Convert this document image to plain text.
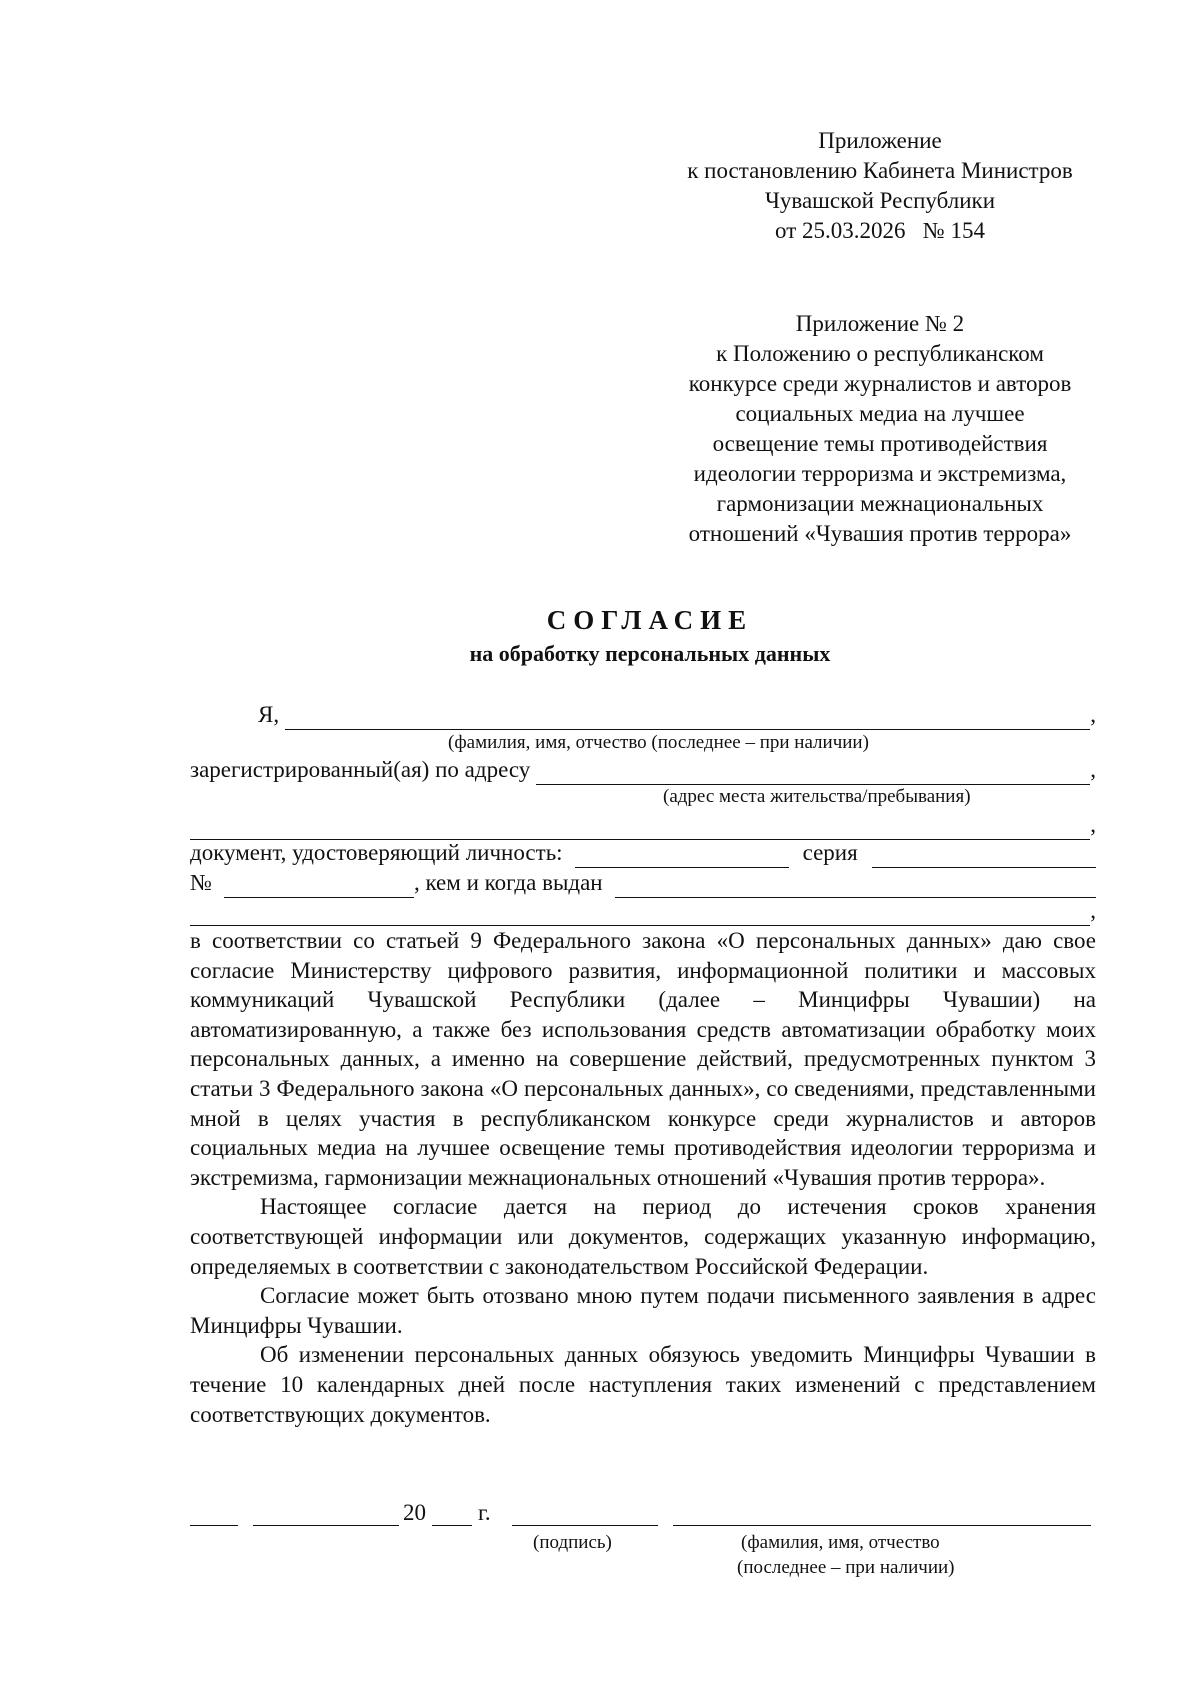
Приложение
к постановлению Кабинета Министров
Чувашской Республики
от 25.03.2026   № 154
Приложение № 2
к Положению о республиканском
конкурсе среди журналистов и авторов
социальных медиа на лучшее
освещение темы противодействия
идеологии терроризма и экстремизма,
гармонизации межнациональных
отношений «Чувашия против террора»
СОГЛАСИЕ
на обработку персональных данных
Я,	,
(фамилия, имя, отчество (последнее – при наличии)
зарегистрированный(ая) по адресу	,
(адрес места жительства/пребывания)
,
документ, удостоверяющий личность:	серия
№	, кем и когда выдан
,

в соответствии со статьей 9 Федерального закона «О персональных данных» даю свое согласие Министерству цифрового развития, информационной политики и массовых коммуникаций Чувашской Республики (далее – Минцифры Чувашии) на автоматизированную, а также без использования средств автоматизации обработку моих персональных данных, а именно на совершение действий, предусмотренных пунктом 3 статьи 3 Федерального закона «О персональных данных», со сведениями, представленными мной в целях участия в республиканском конкурсе среди журналистов и авторов социальных медиа на лучшее освещение темы противодействия идеологии терроризма и экстремизма, гармонизации межнациональных отношений «Чувашия против террора».

Настоящее согласие дается на период до истечения сроков хранения соответствующей информации или документов, содержащих указанную информацию, определяемых в соответствии с законодательством Российской Федерации.

Согласие может быть отозвано мною путем подачи письменного заявления в адрес Минцифры Чувашии.

Об изменении персональных данных обязуюсь уведомить Минцифры Чувашии в течение 10 календарных дней после наступления таких изменений с представлением соответствующих документов.

20 г.
(подпись)	(фамилия, имя, отчество
(последнее – при наличии)
